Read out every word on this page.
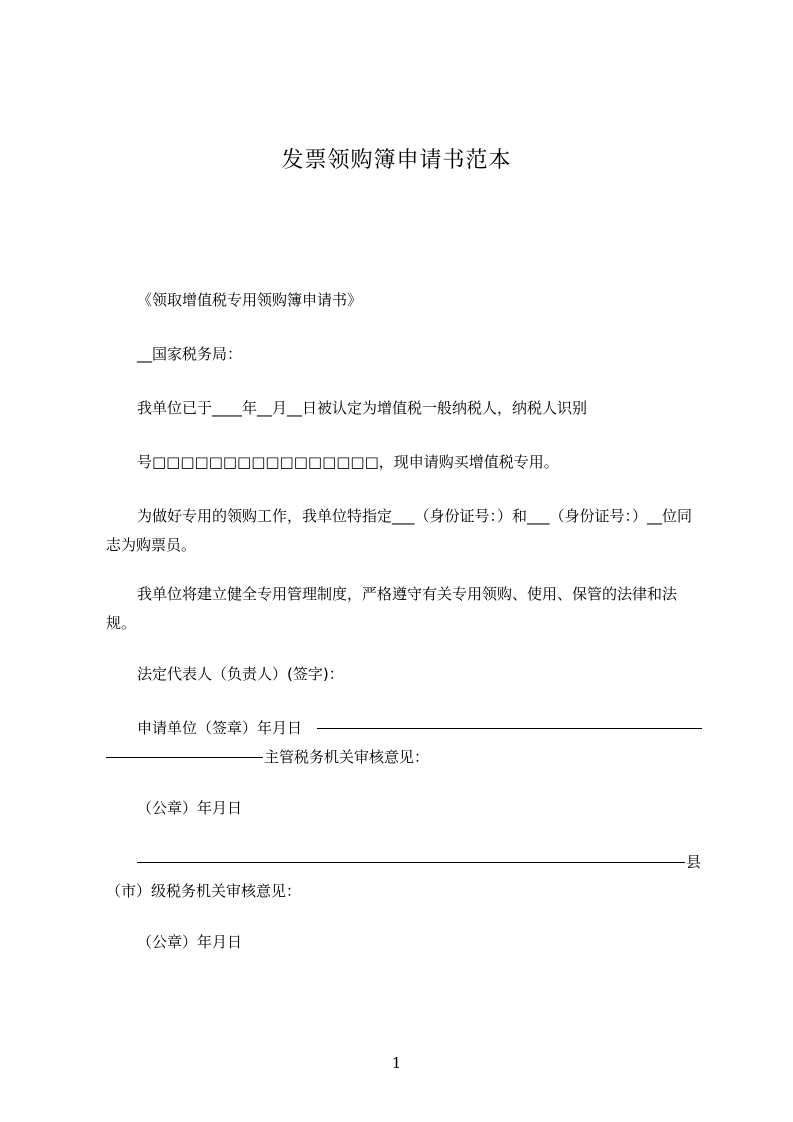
发票领购簿申请书范本

《领取增值税专用领购簿申请书》

__国家税务局：

我单位已于____年__月__日被认定为增值税一般纳税人，纳税人识别

号□□□□□□□□□□□□□□□□，现申请购买增值税专用。

为做好专用的领购工作，我单位特指定___（身份证号：）和___（身份证号：）__位同志为购票员。

我单位将建立健全专用管理制度，严格遵守有关专用领购、使用、保管的法律和法规。

法定代表人（负责人）(签字)：

申请单位（签章）年月日

主管税务机关审核意见：

（公章）年月日

县

（市）级税务机关审核意见：

（公章）年月日

1
